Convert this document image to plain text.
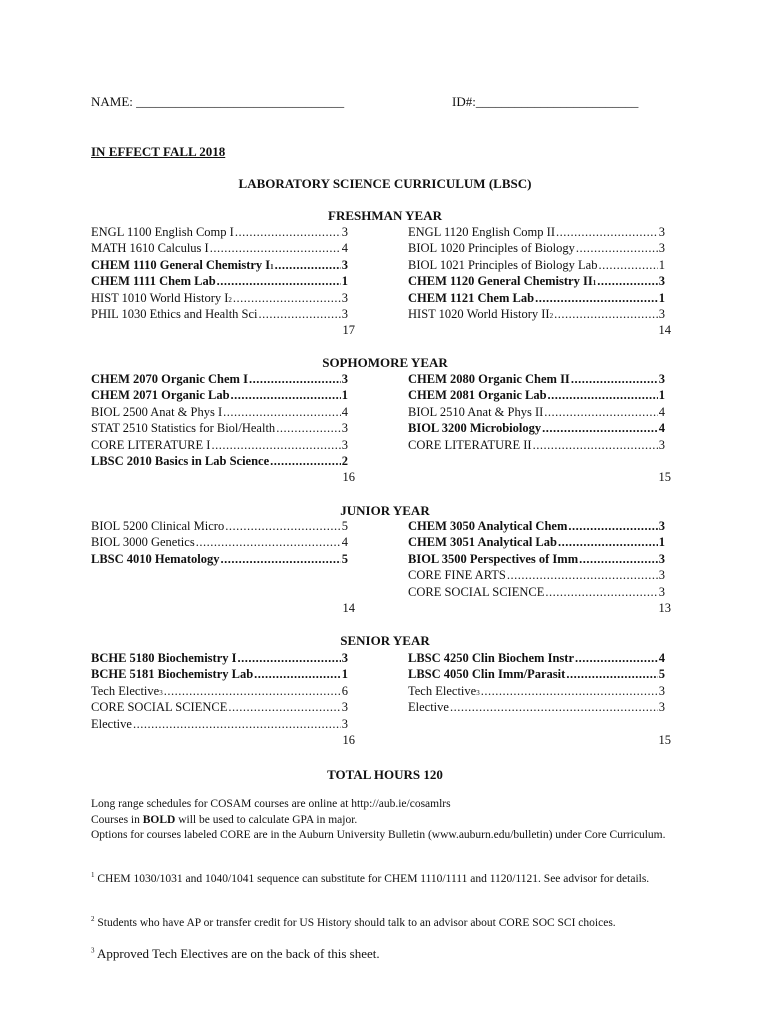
NAME: ________________________________	ID#:_________________________
IN EFFECT FALL 2018
LABORATORY SCIENCE CURRICULUM (LBSC)
FRESHMAN YEAR
ENGL 1100 English Comp I .....	3
MATH 1610 Calculus I .....	4
CHEM 1110 General Chemistry I 1 .....	3
CHEM 1111 Chem Lab .....	1
HIST 1010 World History I 2 .....	3
PHIL 1030 Ethics and Health Sci .....	3
ENGL 1120 English Comp II .....	3
BIOL 1020 Principles of Biology .....	3
BIOL 1021 Principles of Biology Lab .....	1
CHEM 1120 General Chemistry II 1 .....	3
CHEM 1121 Chem Lab .....	1
HIST 1020 World History II 2 .....	3
17	14
SOPHOMORE YEAR
CHEM 2070 Organic Chem I .....	3
CHEM 2071 Organic Lab .....	1
BIOL 2500 Anat & Phys I .....	4
STAT 2510 Statistics for Biol/Health .....	3
CORE LITERATURE I .....	3
LBSC 2010 Basics in Lab Science .....	2
CHEM 2080 Organic Chem II .....	3
CHEM 2081 Organic Lab .....	1
BIOL 2510 Anat & Phys II .....	4
BIOL 3200 Microbiology .....	4
CORE LITERATURE II .....	3
16	15
JUNIOR YEAR
BIOL 5200 Clinical Micro .....	5
BIOL 3000 Genetics .....	4
LBSC 4010 Hematology .....	5
CHEM 3050 Analytical Chem .....	3
CHEM 3051 Analytical Lab .....	1
BIOL 3500 Perspectives of Imm .....	3
CORE FINE ARTS .....	3
CORE SOCIAL SCIENCE .....	3
14	13
SENIOR YEAR
BCHE 5180 Biochemistry I .....	3
BCHE 5181 Biochemistry Lab .....	1
Tech Elective 3 .....	6
CORE SOCIAL SCIENCE .....	3
Elective .....	3
LBSC 4250 Clin Biochem Instr .....	4
LBSC 4050 Clin Imm/Parasit .....	5
Tech Elective 3 .....	3
Elective .....	3
16	15
TOTAL HOURS 120
Long range schedules for COSAM courses are online at http://aub.ie/cosamlrs
Courses in BOLD will be used to calculate GPA in major.
Options for courses labeled CORE are in the Auburn University Bulletin (www.auburn.edu/bulletin) under Core Curriculum.
$^1$ CHEM 1030/1031 and 1040/1041 sequence can substitute for CHEM 1110/1111 and 1120/1121. See advisor for details.
$^2$ Students who have AP or transfer credit for US History should talk to an advisor about CORE SOC SCI choices.
$^3$ Approved Tech Electives are on the back of this sheet.
